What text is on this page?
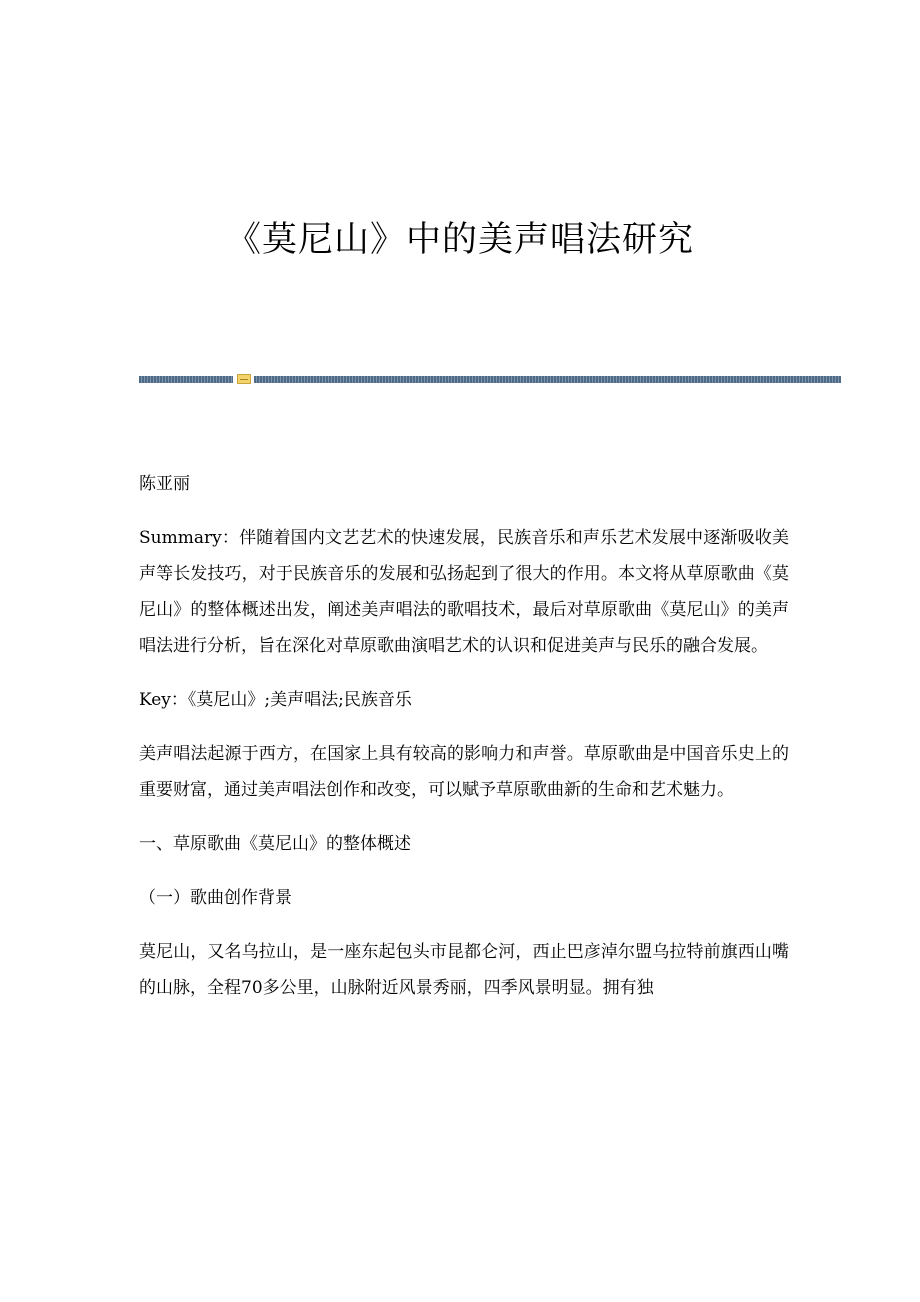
《莫尼山》中的美声唱法研究

陈亚丽

Summary：伴随着国内文艺艺术的快速发展，民族音乐和声乐艺术发展中逐渐吸收美声等长发技巧，对于民族音乐的发展和弘扬起到了很大的作用。本文将从草原歌曲《莫尼山》的整体概述出发，阐述美声唱法的歌唱技术，最后对草原歌曲《莫尼山》的美声唱法进行分析，旨在深化对草原歌曲演唱艺术的认识和促进美声与民乐的融合发展。

Key：《莫尼山》;美声唱法;民族音乐

美声唱法起源于西方，在国家上具有较高的影响力和声誉。草原歌曲是中国音乐史上的重要财富，通过美声唱法创作和改变，可以赋予草原歌曲新的生命和艺术魅力。

一、草原歌曲《莫尼山》的整体概述

（一）歌曲创作背景

莫尼山，又名乌拉山，是一座东起包头市昆都仑河，西止巴彦淖尔盟乌拉特前旗西山嘴的山脉，全程70多公里，山脉附近风景秀丽，四季风景明显。拥有独
